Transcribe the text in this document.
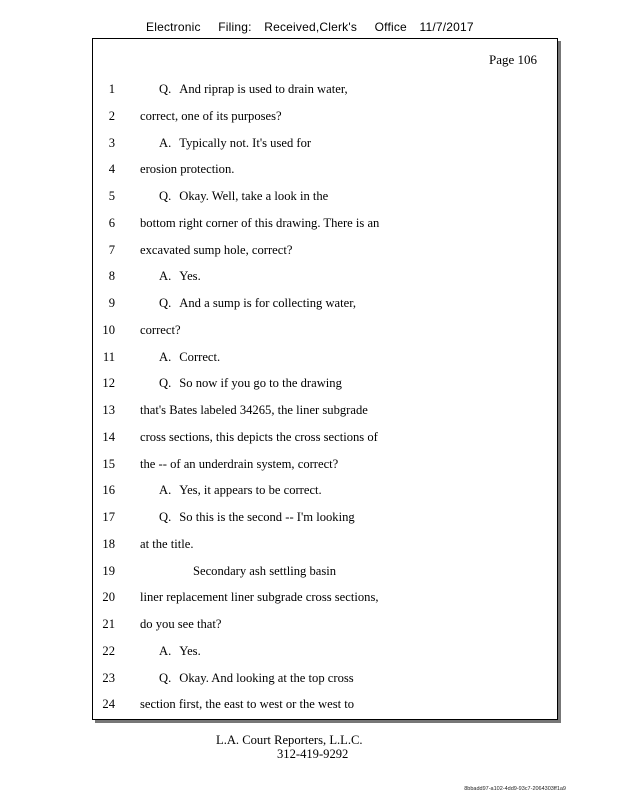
Electronic Filing: Received,Clerk's Office 11/7/2017
Page 106
1	Q. And riprap is used to drain water,
2 correct, one of its purposes?
3	A. Typically not. It's used for
4 erosion protection.
5	Q. Okay. Well, take a look in the
6 bottom right corner of this drawing. There is an
7 excavated sump hole, correct?
8	A. Yes.
9	Q. And a sump is for collecting water,
10 correct?
11	A. Correct.
12	Q. So now if you go to the drawing
13 that's Bates labeled 34265, the liner subgrade
14 cross sections, this depicts the cross sections of
15 the -- of an underdrain system, correct?
16	A. Yes, it appears to be correct.
17	Q. So this is the second -- I'm looking
18 at the title.
19	Secondary ash settling basin
20 liner replacement liner subgrade cross sections,
21 do you see that?
22	A. Yes.
23	Q. Okay. And looking at the top cross
24 section first, the east to west or the west to
L.A. Court Reporters, L.L.C.
312-419-9292
8bbadd97-a102-4dd9-93c7-2064303ff1a9
